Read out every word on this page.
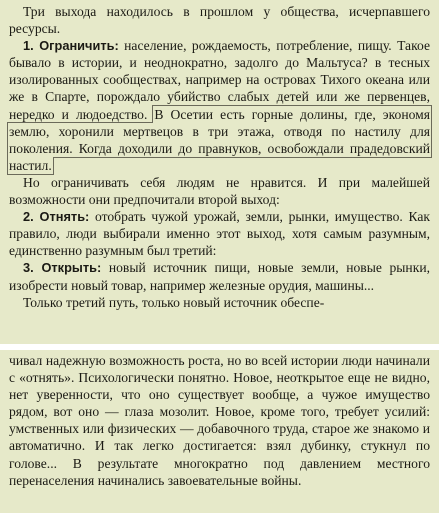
Три выхода находилось в прошлом у общества, исчерпавшего ресурсы.

1. Ограничить: население, рождаемость, потребление, пищу. Такое бывало в истории, и неоднократно, задолго до Мальтуса? в тесных изолированных сообществах, например на островах Тихого океана или же в Спарте, порождало убийство слабых детей или же первенцев, нередко и людоедство. В Осетии есть горные долины, где, экономя землю, хоронили мертвецов в три этажа, отводя по настилу для поколения. Когда доходили до правнуков, освобождали прадедовский настил.

Но ограничивать себя людям не нравится. И при малейшей возможности они предпочитали второй выход:

2. Отнять: отобрать чужой урожай, земли, рынки, имущество. Как правило, люди выбирали именно этот выход, хотя самым разумным, единственно разумным был третий:

3. Открыть: новый источник пищи, новые земли, новые рынки, изобрести новый товар, например железные орудия, машины...

Только третий путь, только новый источник обеспе-

чивал надежную возможность роста, но во всей истории люди начинали с «отнять». Психологически понятно. Новое, неоткрытое еще не видно, нет уверенности, что оно существует вообще, а чужое имущество рядом, вот оно — глаза мозолит. Новое, кроме того, требует усилий: умственных или физических — добавочного труда, старое же знакомо и автоматично. И так легко достигается: взял дубинку, стукнул по голове... В результате многократно под давлением местного перенаселения начинались завоевательные войны.
